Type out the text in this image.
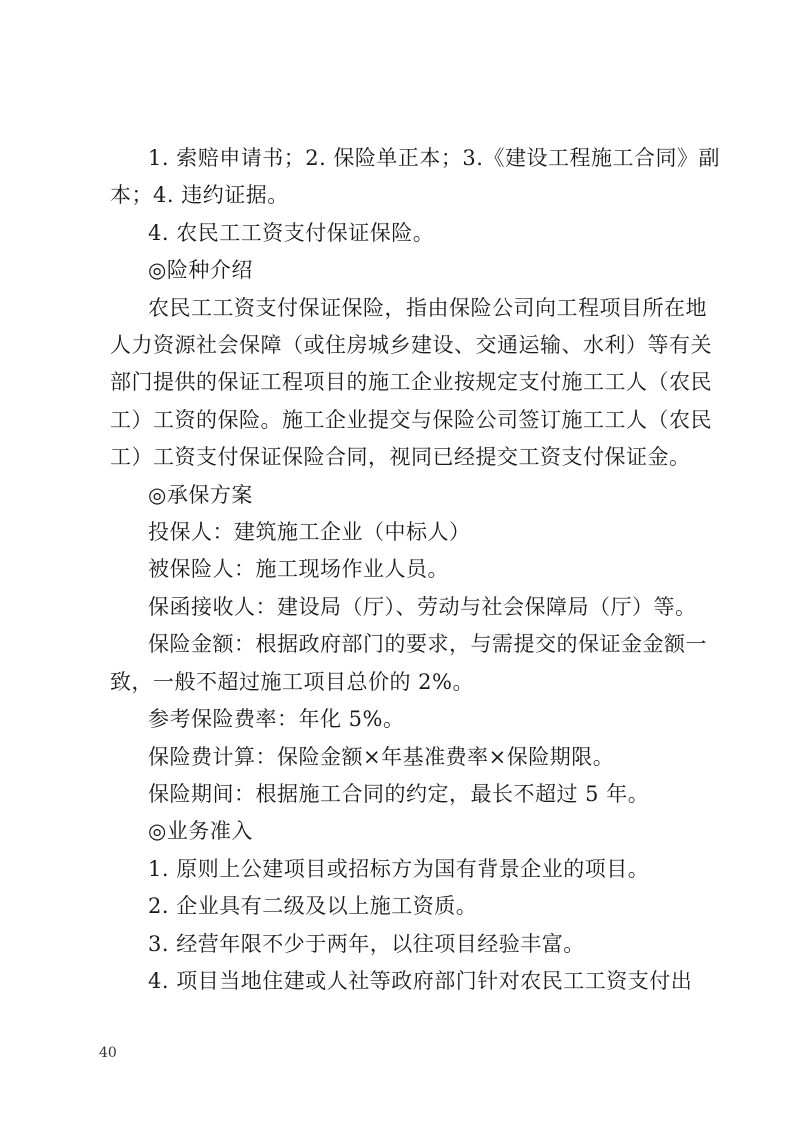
1. 索赔申请书；2. 保险单正本；3.《建设工程施工合同》副
本；4. 违约证据。
4. 农民工工资支付保证保险。
◎险种介绍
农民工工资支付保证保险，指由保险公司向工程项目所在地
人力资源社会保障（或住房城乡建设、交通运输、水利）等有关
部门提供的保证工程项目的施工企业按规定支付施工工人（农民
工）工资的保险。施工企业提交与保险公司签订施工工人（农民
工）工资支付保证保险合同，视同已经提交工资支付保证金。
◎承保方案
投保人：建筑施工企业（中标人）
被保险人：施工现场作业人员。
保函接收人：建设局（厅）、劳动与社会保障局（厅）等。
保险金额：根据政府部门的要求，与需提交的保证金金额一
致，一般不超过施工项目总价的 2%。
参考保险费率：年化 5%。
保险费计算：保险金额×年基准费率×保险期限。
保险期间：根据施工合同的约定，最长不超过 5 年。
◎业务准入
1. 原则上公建项目或招标方为国有背景企业的项目。
2. 企业具有二级及以上施工资质。
3. 经营年限不少于两年，以往项目经验丰富。
4. 项目当地住建或人社等政府部门针对农民工工资支付出
40
